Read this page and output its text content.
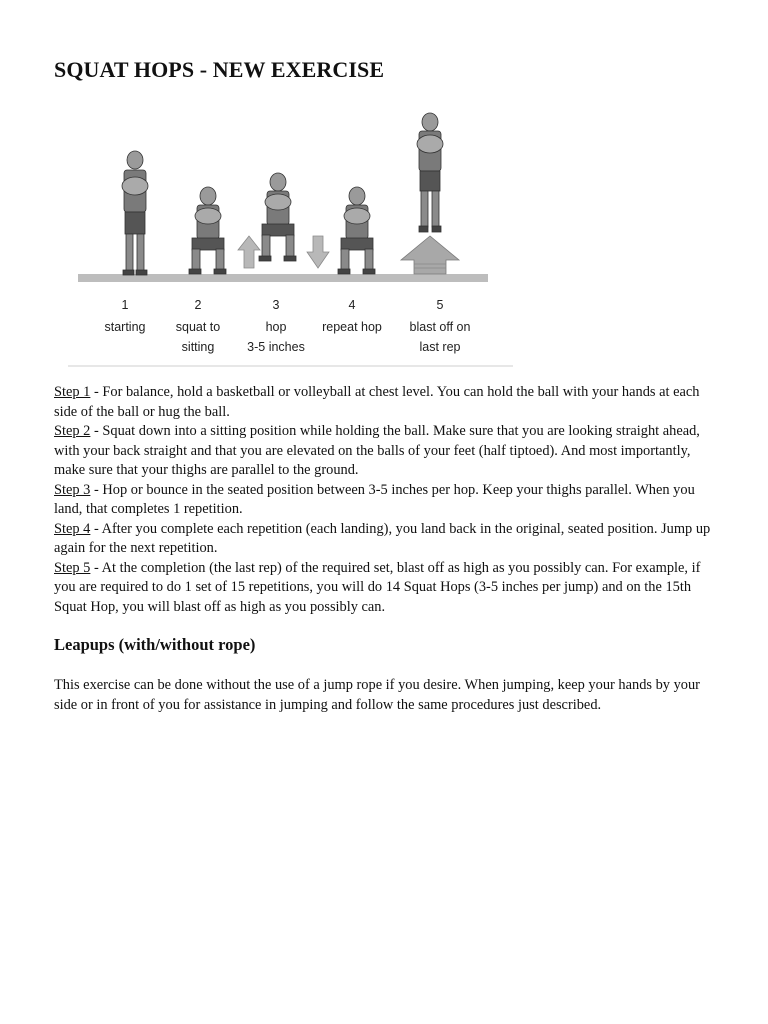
SQUAT HOPS - NEW EXERCISE
1
starting
2
squat to
sitting
3
hop
3-5 inches
4
repeat hop
5
blast off on
last rep

Step 1 - For balance, hold a basketball or volleyball at chest level. You can hold the ball with your hands at each side of the ball or hug the ball.

Step 2 - Squat down into a sitting position while holding the ball. Make sure that you are looking straight ahead, with your back straight and that you are elevated on the balls of your feet (half tiptoed). And most importantly, make sure that your thighs are parallel to the ground.

Step 3 - Hop or bounce in the seated position between 3-5 inches per hop. Keep your thighs parallel. When you land, that completes 1 repetition.

Step 4 - After you complete each repetition (each landing), you land back in the original, seated position. Jump up again for the next repetition.

Step 5 - At the completion (the last rep) of the required set, blast off as high as you possibly can. For example, if you are required to do 1 set of 15 repetitions, you will do 14 Squat Hops (3-5 inches per jump) and on the 15th Squat Hop, you will blast off as high as you possibly can.

Leapups (with/without rope)

This exercise can be done without the use of a jump rope if you desire. When jumping, keep your hands by your side or in front of you for assistance in jumping and follow the same procedures just described.
